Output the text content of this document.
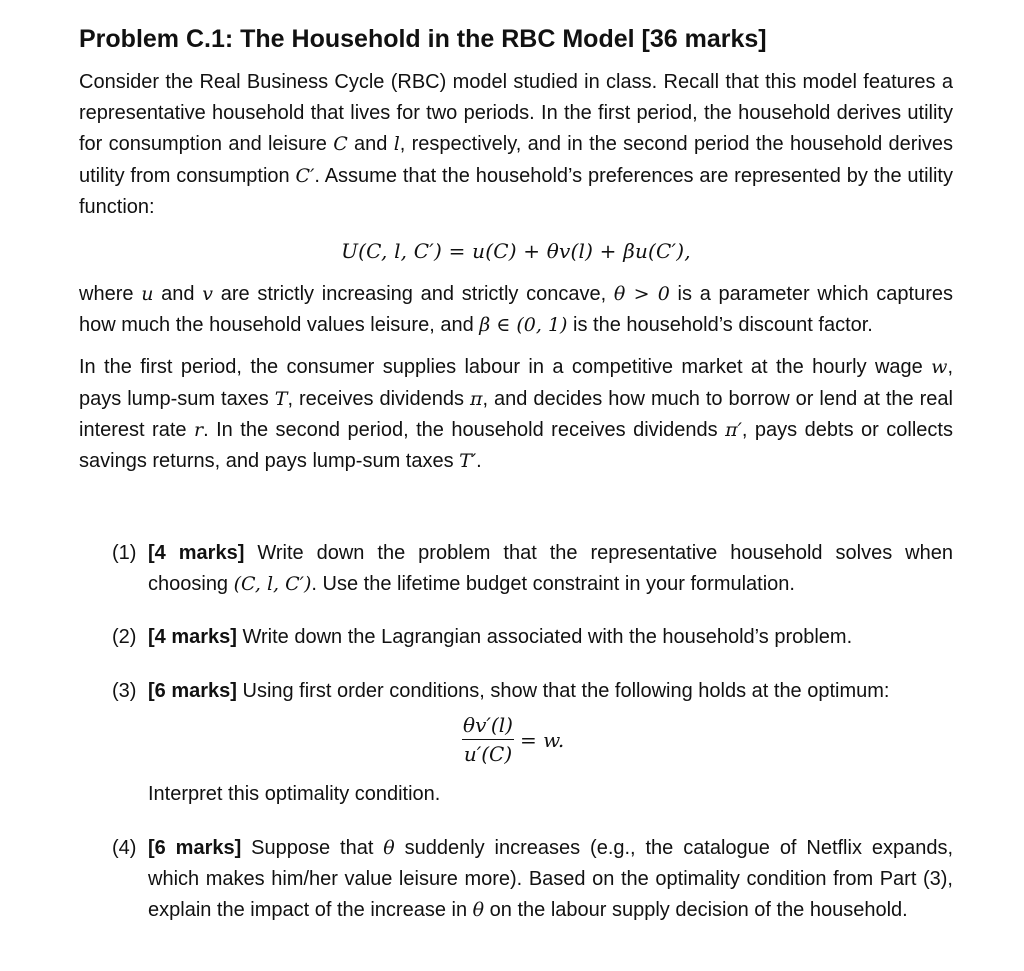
Problem C.1: The Household in the RBC Model [36 marks]

Consider the Real Business Cycle (RBC) model studied in class. Recall that this model features a representative household that lives for two periods. In the first period, the household derives utility for consumption and leisure C and l, respectively, and in the second period the household derives utility from consumption C′. Assume that the household’s preferences are represented by the utility function:

U(C, l, C′) = u(C) + θv(l) + βu(C′),

where u and v are strictly increasing and strictly concave, θ > 0 is a parameter which captures how much the household values leisure, and β ∈ (0, 1) is the household’s discount factor.

In the first period, the consumer supplies labour in a competitive market at the hourly wage w, pays lump-sum taxes T, receives dividends π, and decides how much to borrow or lend at the real interest rate r. In the second period, the household receives dividends π′, pays debts or collects savings returns, and pays lump-sum taxes T′.

(1) [4 marks] Write down the problem that the representative household solves when choosing (C, l, C′). Use the lifetime budget constraint in your formulation.
(2) [4 marks] Write down the Lagrangian associated with the household’s problem.
(3) [6 marks] Using first order conditions, show that the following holds at the optimum:
θv′(l)
u′(C)
= w.
Interpret this optimality condition.
(4) [6 marks] Suppose that θ suddenly increases (e.g., the catalogue of Netflix expands, which makes him/her value leisure more). Based on the optimality condition from Part (3), explain the impact of the increase in θ on the labour supply decision of the household.
